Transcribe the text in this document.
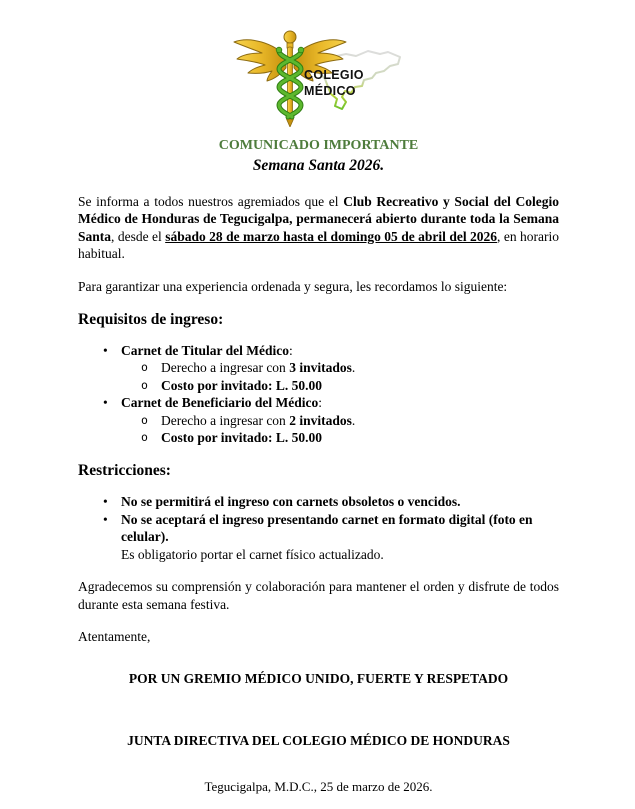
COLEGIO
MÉDICO
COMUNICADO IMPORTANTE
Semana Santa 2026.

Se informa a todos nuestros agremiados que el Club Recreativo y Social del Colegio Médico de Honduras de Tegucigalpa, permanecerá abierto durante toda la Semana Santa, desde el sábado 28 de marzo hasta el domingo 05 de abril del 2026, en horario habitual.

Para garantizar una experiencia ordenada y segura, les recordamos lo siguiente:

Requisitos de ingreso:
• Carnet de Titular del Médico:
o Derecho a ingresar con 3 invitados.
o Costo por invitado: L. 50.00
• Carnet de Beneficiario del Médico:
o Derecho a ingresar con 2 invitados.
o Costo por invitado: L. 50.00
Restricciones:
• No se permitirá el ingreso con carnets obsoletos o vencidos.
• No se aceptará el ingreso presentando carnet en formato digital (foto en celular).
Es obligatorio portar el carnet físico actualizado.

Agradecemos su comprensión y colaboración para mantener el orden y disfrute de todos durante esta semana festiva.

Atentamente,

POR UN GREMIO MÉDICO UNIDO, FUERTE Y RESPETADO
JUNTA DIRECTIVA DEL COLEGIO MÉDICO DE HONDURAS
Tegucigalpa, M.D.C., 25 de marzo de 2026.
